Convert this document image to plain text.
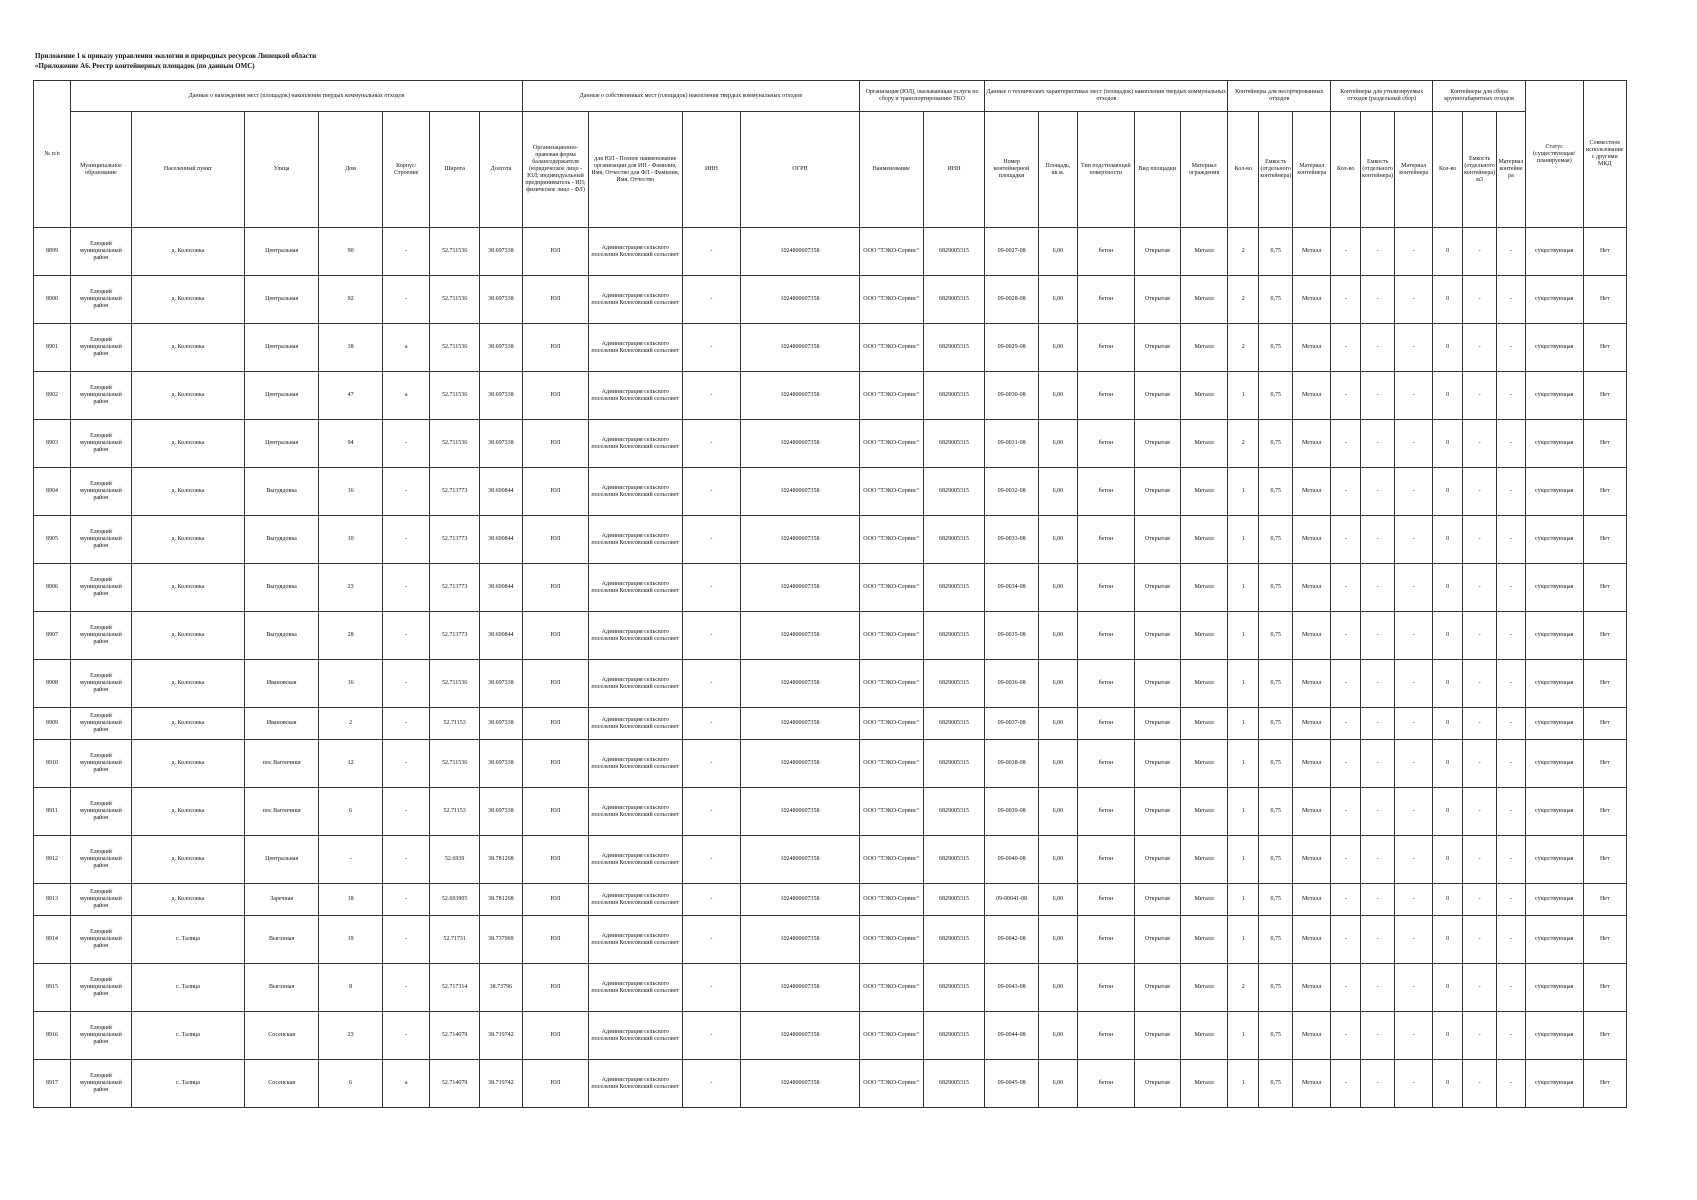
Приложение 1 к приказу управления экологии и природных ресурсов Липецкой области
«Приложение А6. Реестр контейнерных площадок (по данным ОМС)
№ п/п	Данные о нахождении мест (площадок) накопления твердых коммунальных отходов							Данные о собственниках мест (площадок) накопления твердых коммунальных отходов				Организация (ЮЛ), оказывающая услуги по сбору и транспортированию ТКО		Данные о технических характеристиках мест (площадок) накопления твердых коммунальных отходов					Контейнеры для несортированных отходов			Контейнеры для утилизируемых отходов (раздельный сбор)			Контейнеры для сбора крупногабаритных отходов			Статус (существующая/ планируемая)	Совместное использование с другими МКД
	Муниципальное образование	Населенный пункт	Улица	Дом	Корпус/Строение	Широта	Долгота	Организационно-правовая форма балансодержателя (юридическое лицо - ЮЛ; индивидуальный предприниматель - ИП; физическое лицо - ФЛ)	для ЮЛ - Полное наименование организации для ИП - Фамилия, Имя, Отчество для ФЛ - Фамилия, Имя, Отчество	ИНН	ОГРН	Наименование	ИНН	Номер контейнерной площадки	Площадь, кв.м.	Тип подстилающей поверхности	Вид площадки	Материал ограждения	Кол-во	Емкость (отдельного контейнера)	Материал контейнера	Кол-во	Емкость (отдельного контейнера)	Материал контейнера	Кол-во	Емкость (отдельного контейнера) м3	Материал контейнера		
8899	Елецкий муниципальный район	д. Колосовка	Центральная	90	-	52.711536	38.697338	ЮЛ	Администрация сельского поселения Колосовский сельсовет	-	1024800607358	ООО "ТЭКО-Сервис"	6829005315	09-0027-08	6,00	бетон	Открытая	Металл	2	0,75	Металл	-	-	-	0	-	-	существующая	Нет
8900	Елецкий муниципальный район	д. Колосовка	Центральная	92	-	52.711536	38.697338	ЮЛ	Администрация сельского поселения Колосовский сельсовет	-	1024800607358	ООО "ТЭКО-Сервис"	6829005315	09-0028-08	6,00	бетон	Открытая	Металл	2	0,75	Металл	-	-	-	0	-	-	существующая	Нет
8901	Елецкий муниципальный район	д. Колосовка	Центральная	38	а	52.711536	38.697338	ЮЛ	Администрация сельского поселения Колосовский сельсовет	-	1024800607358	ООО "ТЭКО-Сервис"	6829005315	09-0029-08	6,00	бетон	Открытая	Металл	2	0,75	Металл	-	-	-	0	-	-	существующая	Нет
8902	Елецкий муниципальный район	д. Колосовка	Центральная	47	а	52.711536	38.697338	ЮЛ	Администрация сельского поселения Колосовский сельсовет	-	1024800607358	ООО "ТЭКО-Сервис"	6829005315	09-0030-08	6,00	бетон	Открытая	Металл	1	0,75	Металл	-	-	-	0	-	-	существующая	Нет
8903	Елецкий муниципальный район	д. Колосовка	Центральная	94	-	52.711536	38.697338	ЮЛ	Администрация сельского поселения Колосовский сельсовет	-	1024800607358	ООО "ТЭКО-Сервис"	6829005315	09-0031-08	6,00	бетон	Открытая	Металл	2	0,75	Металл	-	-	-	0	-	-	существующая	Нет
8904	Елецкий муниципальный район	д. Колосовка	Выгдядовка	16	-	52.713773	38.690844	ЮЛ	Администрация сельского поселения Колосовский сельсовет	-	1024800607358	ООО "ТЭКО-Сервис"	6829005315	09-0032-08	6,00	бетон	Открытая	Металл	1	0,75	Металл	-	-	-	0	-	-	существующая	Нет
8905	Елецкий муниципальный район	д. Колосовка	Выгдядовка	10	-	52.713773	38.690844	ЮЛ	Администрация сельского поселения Колосовский сельсовет	-	1024800607358	ООО "ТЭКО-Сервис"	6829005315	09-0033-08	6,00	бетон	Открытая	Металл	1	0,75	Металл	-	-	-	0	-	-	существующая	Нет
8906	Елецкий муниципальный район	д. Колосовка	Выгдядовка	23	-	52.713773	38.690844	ЮЛ	Администрация сельского поселения Колосовский сельсовет	-	1024800607358	ООО "ТЭКО-Сервис"	6829005315	09-0034-08	6,00	бетон	Открытая	Металл	1	0,75	Металл	-	-	-	0	-	-	существующая	Нет
8907	Елецкий муниципальный район	д. Колосовка	Выгдядовка	28	-	52.713773	38.690844	ЮЛ	Администрация сельского поселения Колосовский сельсовет	-	1024800607358	ООО "ТЭКО-Сервис"	6829005315	09-0035-08	6,00	бетон	Открытая	Металл	1	0,75	Металл	-	-	-	0	-	-	существующая	Нет
8908	Елецкий муниципальный район	д. Колосовка	Ивановская	16	-	52.711536	38.697338	ЮЛ	Администрация сельского поселения Колосовский сельсовет	-	1024800607358	ООО "ТЭКО-Сервис"	6829005315	09-0036-08	6,00	бетон	Открытая	Металл	1	0,75	Металл	-	-	-	0	-	-	существующая	Нет
8909	Елецкий муниципальный район	д. Колосовка	Ивановская	2	-	52.71153	38.697338	ЮЛ	Администрация сельского поселения Колосовский сельсовет	-	1024800607358	ООО "ТЭКО-Сервис"	6829005315	09-0037-08	6,00	бетон	Открытая	Металл	1	0,75	Металл	-	-	-	0	-	-	существующая	Нет
8910	Елецкий муниципальный район	д. Колосовка	пос Вагончики	12	-	52.711536	38.697338	ЮЛ	Администрация сельского поселения Колосовский сельсовет	-	1024800607358	ООО "ТЭКО-Сервис"	6829005315	09-0038-08	6,00	бетон	Открытая	Металл	1	0,75	Металл	-	-	-	0	-	-	существующая	Нет
8911	Елецкий муниципальный район	д. Колосовка	пос Вагончики	6	-	52.71153	38.697338	ЮЛ	Администрация сельского поселения Колосовский сельсовет	-	1024800607358	ООО "ТЭКО-Сервис"	6829005315	09-0039-08	6,00	бетон	Открытая	Металл	1	0,75	Металл	-	-	-	0	-	-	существующая	Нет
8912	Елецкий муниципальный район	д. Колосовка	Центральная	-	-	52.6939	38.781268	ЮЛ	Администрация сельского поселения Колосовский сельсовет	-	1024800607358	ООО "ТЭКО-Сервис"	6829005315	09-0040-08	6,00	бетон	Открытая	Металл	1	0,75	Металл	-	-	-	0	-	-	существующая	Нет
8913	Елецкий муниципальный район	д. Колосовка	Заречная	18	-	52.693905	38.781268	ЮЛ	Администрация сельского поселения Колосовский сельсовет	-	1024800607358	ООО "ТЭКО-Сервис"	6829005315	09-00041-08	6,00	бетон	Открытая	Металл	1	0,75	Металл	-	-	-	0	-	-	существующая	Нет
8914	Елецкий муниципальный район	с. Талица	Выгонная	19	-	52.71731	38.737969	ЮЛ	Администрация сельского поселения Колосовский сельсовет	-	1024800607358	ООО "ТЭКО-Сервис"	6829005315	09-0042-08	6,00	бетон	Открытая	Металл	1	0,75	Металл	-	-	-	0	-	-	существующая	Нет
8915	Елецкий муниципальный район	с. Талица	Выгонная	8	-	52.717314	38.73796	ЮЛ	Администрация сельского поселения Колосовский сельсовет	-	1024800607358	ООО "ТЭКО-Сервис"	6829005315	09-0043-08	6,00	бетон	Открытая	Металл	2	0,75	Металл	-	-	-	0	-	-	существующая	Нет
8916	Елецкий муниципальный район	с. Талица	Сосенская	23	-	52.714079	38.719742	ЮЛ	Администрация сельского поселения Колосовский сельсовет	-	1024800607358	ООО "ТЭКО-Сервис"	6829005315	09-0044-08	6,00	бетон	Открытая	Металл	1	0,75	Металл	-	-	-	0	-	-	существующая	Нет
8917	Елецкий муниципальный район	с. Талица	Сосенская	6	а	52.714079	38.719742	ЮЛ	Администрация сельского поселения Колосовский сельсовет	-	1024800607358	ООО "ТЭКО-Сервис"	6829005315	09-0045-08	6,00	бетон	Открытая	Металл	1	0,75	Металл	-	-	-	0	-	-	существующая	Нет
